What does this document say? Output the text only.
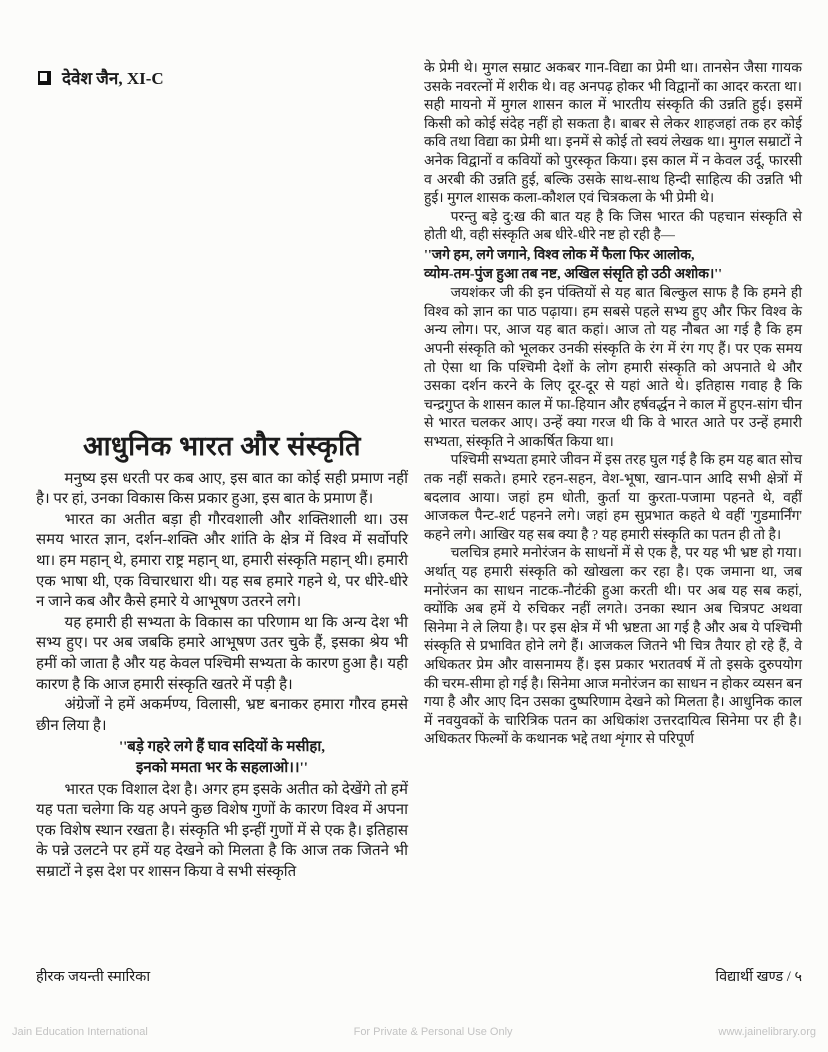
देवेश जैन, XI-C

के प्रेमी थे। मुगल सम्राट अकबर गान-विद्या का प्रेमी था। तानसेन जैसा गायक उसके नवरत्नों में शरीक थे। वह अनपढ़ होकर भी विद्वानों का आदर करता था। सही मायनो में मुगल शासन काल में भारतीय संस्कृति की उन्नति हुई। इसमें किसी को कोई संदेह नहीं हो सकता है। बाबर से लेकर शाहजहां तक हर कोई कवि तथा विद्या का प्रेमी था। इनमें से कोई तो स्वयं लेखक था। मुगल सम्राटों ने अनेक विद्वानों व कवियों को पुरस्कृत किया। इस काल में न केवल उर्दू, फारसी व अरबी की उन्नति हुई, बल्कि उसके साथ-साथ हिन्दी साहित्य की उन्नति भी हुई। मुगल शासक कला-कौशल एवं चित्रकला के भी प्रेमी थे।

परन्तु बड़े दु:ख की बात यह है कि जिस भारत की पहचान संस्कृति से होती थी, वही संस्कृति अब धीरे-धीरे नष्ट हो रही है—

''जगे हम, लगे जगाने, विश्व लोक में फैला फिर आलोक,
व्योम-तम-पुंज हुआ तब नष्ट, अखिल संसृति हो उठी अशोक।''

जयशंकर जी की इन पंक्तियों से यह बात बिल्कुल साफ है कि हमने ही विश्व को ज्ञान का पाठ पढ़ाया। हम सबसे पहले सभ्य हुए और फिर विश्व के अन्य लोग। पर, आज यह बात कहां। आज तो यह नौबत आ गई है कि हम अपनी संस्कृति को भूलकर उनकी संस्कृति के रंग में रंग गए हैं। पर एक समय तो ऐसा था कि पश्चिमी देशों के लोग हमारी संस्कृति को अपनाते थे और उसका दर्शन करने के लिए दूर-दूर से यहां आते थे। इतिहास गवाह है कि चन्द्रगुप्त के शासन काल में फा-हियान और हर्षवर्द्धन ने काल में हुएन-सांग चीन से भारत चलकर आए। उन्हें क्या गरज थी कि वे भारत आते पर उन्हें हमारी सभ्यता, संस्कृति ने आकर्षित किया था।

पश्चिमी सभ्यता हमारे जीवन में इस तरह घुल गई है कि हम यह बात सोच तक नहीं सकते। हमारे रहन-सहन, वेश-भूषा, खान-पान आदि सभी क्षेत्रों में बदलाव आया। जहां हम धोती, कुर्ता या कुरता-पजामा पहनते थे, वहीं आजकल पैन्ट-शर्ट पहनने लगे। जहां हम सुप्रभात कहते थे वहीं 'गुडमार्निंग' कहने लगे। आखिर यह सब क्या है ? यह हमारी संस्कृति का पतन ही तो है।

चलचित्र हमारे मनोरंजन के साधनों में से एक है, पर यह भी भ्रष्ट हो गया। अर्थात् यह हमारी संस्कृति को खोखला कर रहा है। एक जमाना था, जब मनोरंजन का साधन नाटक-नौटंकी हुआ करती थी। पर अब यह सब कहां, क्योंकि अब हमें ये रुचिकर नहीं लगते। उनका स्थान अब चित्रपट अथवा सिनेमा ने ले लिया है। पर इस क्षेत्र में भी भ्रष्टता आ गई है और अब ये पश्चिमी संस्कृति से प्रभावित होने लगे हैं। आजकल जितने भी चित्र तैयार हो रहे हैं, वे अधिकतर प्रेम और वासनामय हैं। इस प्रकार भरातवर्ष में तो इसके दुरुपयोग की चरम-सीमा हो गई है। सिनेमा आज मनोरंजन का साधन न होकर व्यसन बन गया है और आए दिन उसका दुष्परिणाम देखने को मिलता है। आधुनिक काल में नवयुवकों के चारित्रिक पतन का अधिकांश उत्तरदायित्व सिनेमा पर ही है। अधिकतर फिल्मों के कथानक भद्दे तथा शृंगार से परिपूर्ण

आधुनिक भारत और संस्कृति

मनुष्य इस धरती पर कब आए, इस बात का कोई सही प्रमाण नहीं है। पर हां, उनका विकास किस प्रकार हुआ, इस बात के प्रमाण हैं।

भारत का अतीत बड़ा ही गौरवशाली और शक्तिशाली था। उस समय भारत ज्ञान, दर्शन-शक्ति और शांति के क्षेत्र में विश्व में सर्वोपरि था। हम महान् थे, हमारा राष्ट्र महान् था, हमारी संस्कृति महान् थी। हमारी एक भाषा थी, एक विचारधारा थी। यह सब हमारे गहने थे, पर धीरे-धीरे न जाने कब और कैसे हमारे ये आभूषण उतरने लगे।

यह हमारी ही सभ्यता के विकास का परिणाम था कि अन्य देश भी सभ्य हुए। पर अब जबकि हमारे आभूषण उतर चुके हैं, इसका श्रेय भी हमीं को जाता है और यह केवल पश्चिमी सभ्यता के कारण हुआ है। यही कारण है कि आज हमारी संस्कृति खतरे में पड़ी है।

अंग्रेजों ने हमें अकर्मण्य, विलासी, भ्रष्ट बनाकर हमारा गौरव हमसे छीन लिया है।

''बड़े गहरे लगे हैं घाव सदियों के मसीहा,
इनको ममता भर के सहलाओ।।''

भारत एक विशाल देश है। अगर हम इसके अतीत को देखेंगे तो हमें यह पता चलेगा कि यह अपने कुछ विशेष गुणों के कारण विश्व में अपना एक विशेष स्थान रखता है। संस्कृति भी इन्हीं गुणों में से एक है। इतिहास के पन्ने उलटने पर हमें यह देखने को मिलता है कि आज तक जितने भी सम्राटों ने इस देश पर शासन किया वे सभी संस्कृति

हीरक जयन्ती स्मारिका	विद्यार्थी खण्ड / ५
Jain Education International	For Private & Personal Use Only	www.jainelibrary.org
